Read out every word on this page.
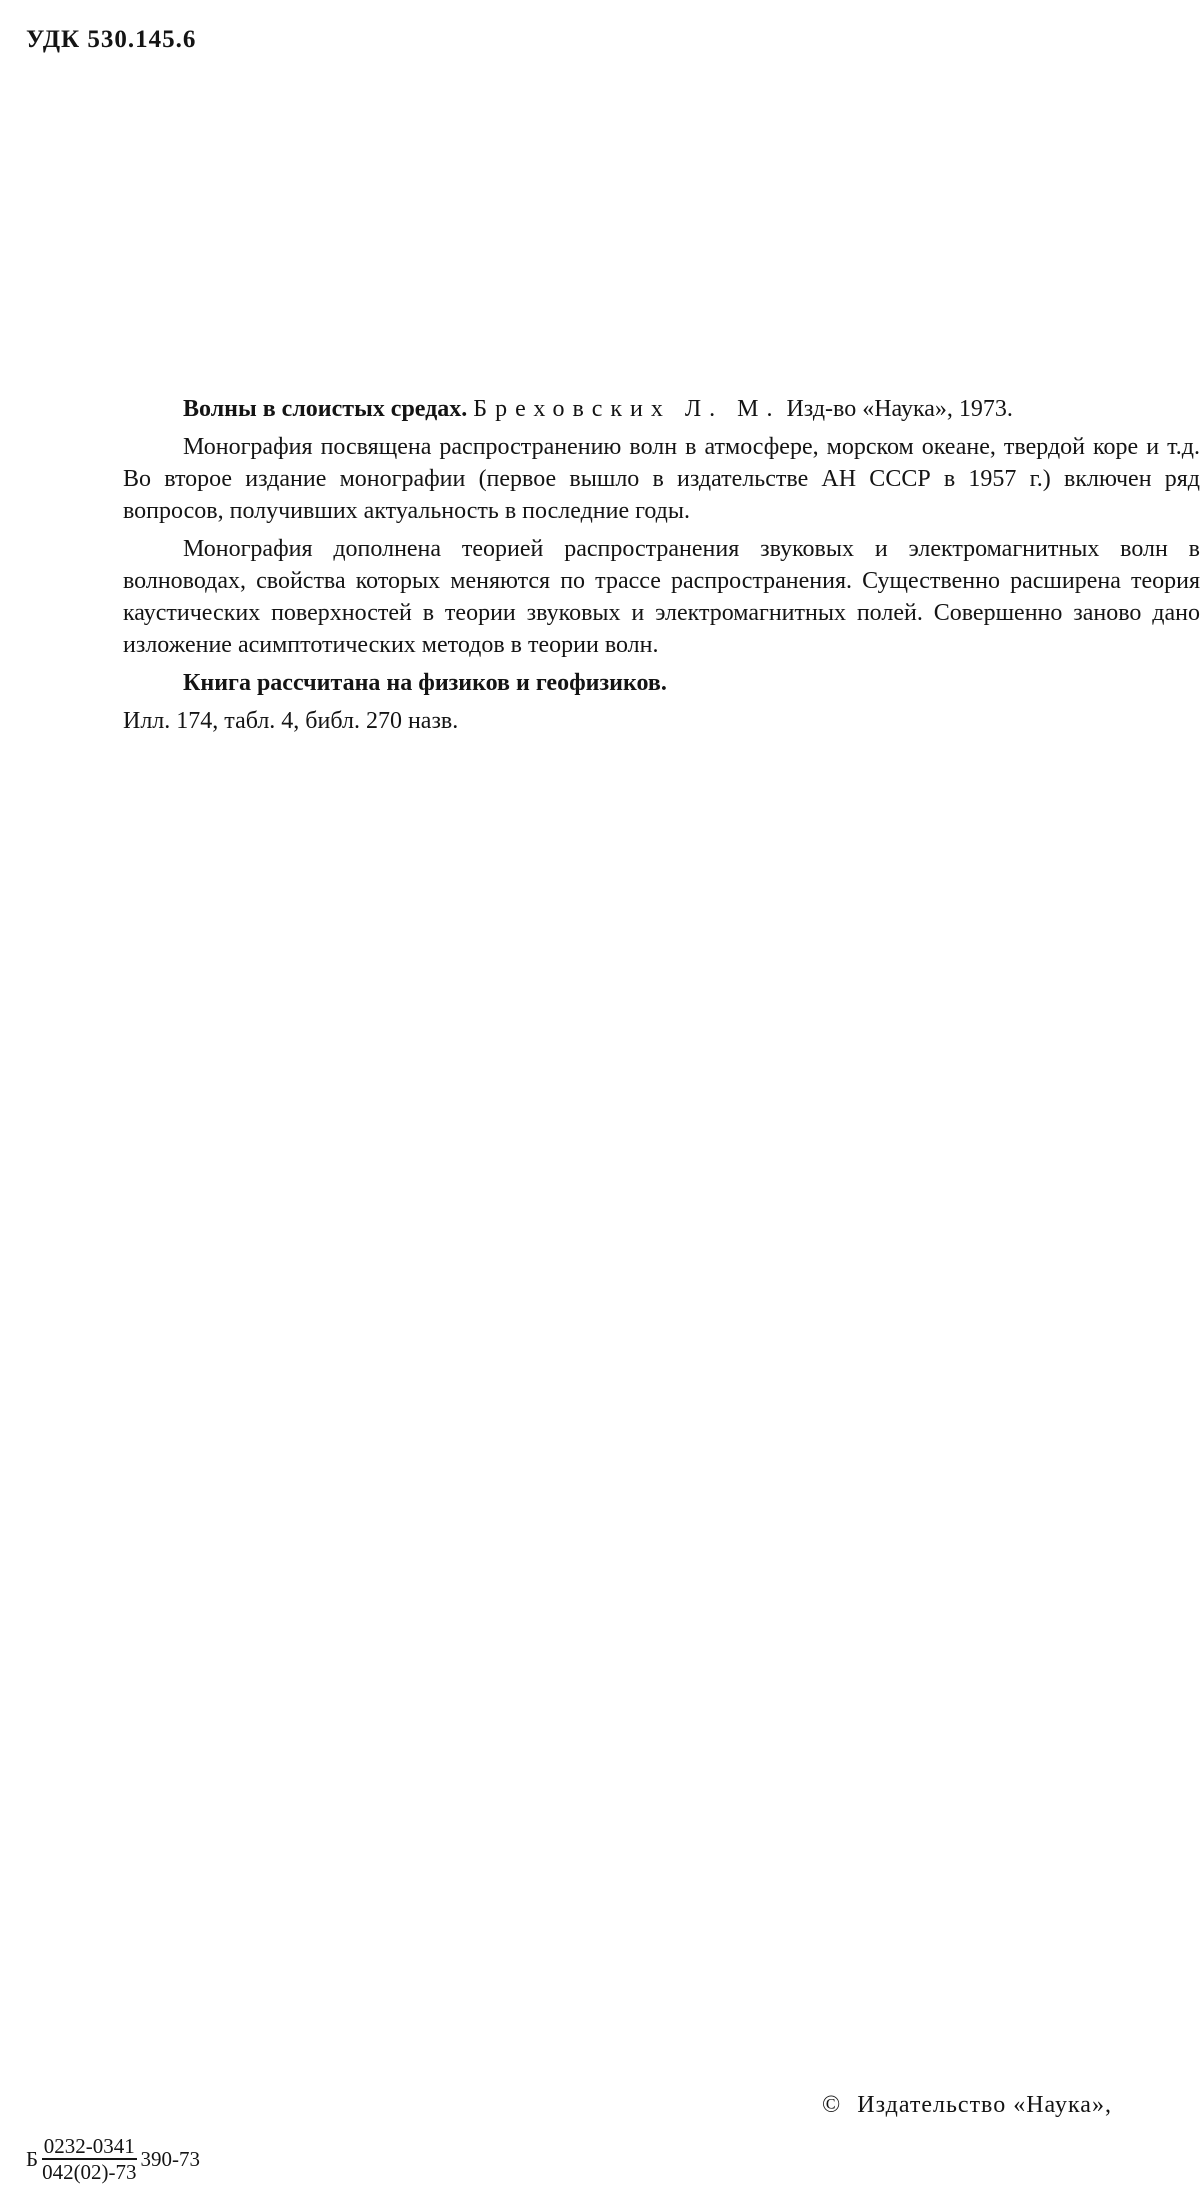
УДК 530.145.6

Волны в слоистых средах. Бреховских Л. М. Изд-во «Наука», 1973.

Монография посвящена распространению волн в атмосфере, морском океане, твердой коре и т.д. Во второе издание монографии (первое вышло в издательстве АН СССР в 1957 г.) включен ряд вопросов, получивших актуальность в последние годы.

Монография дополнена теорией распространения звуковых и электромагнитных волн в волноводах, свойства которых меняются по трассе распространения. Существенно расширена теория каустических поверхностей в теории звуковых и электромагнитных полей. Совершенно заново дано изложение асимптотических методов в теории волн.

Книга рассчитана на физиков и геофизиков.

Илл. 174, табл. 4, библ. 270 назв.

© Издательство «Наука»,
Б $\frac{0232-0341}{042(02)-73} 390-73$
